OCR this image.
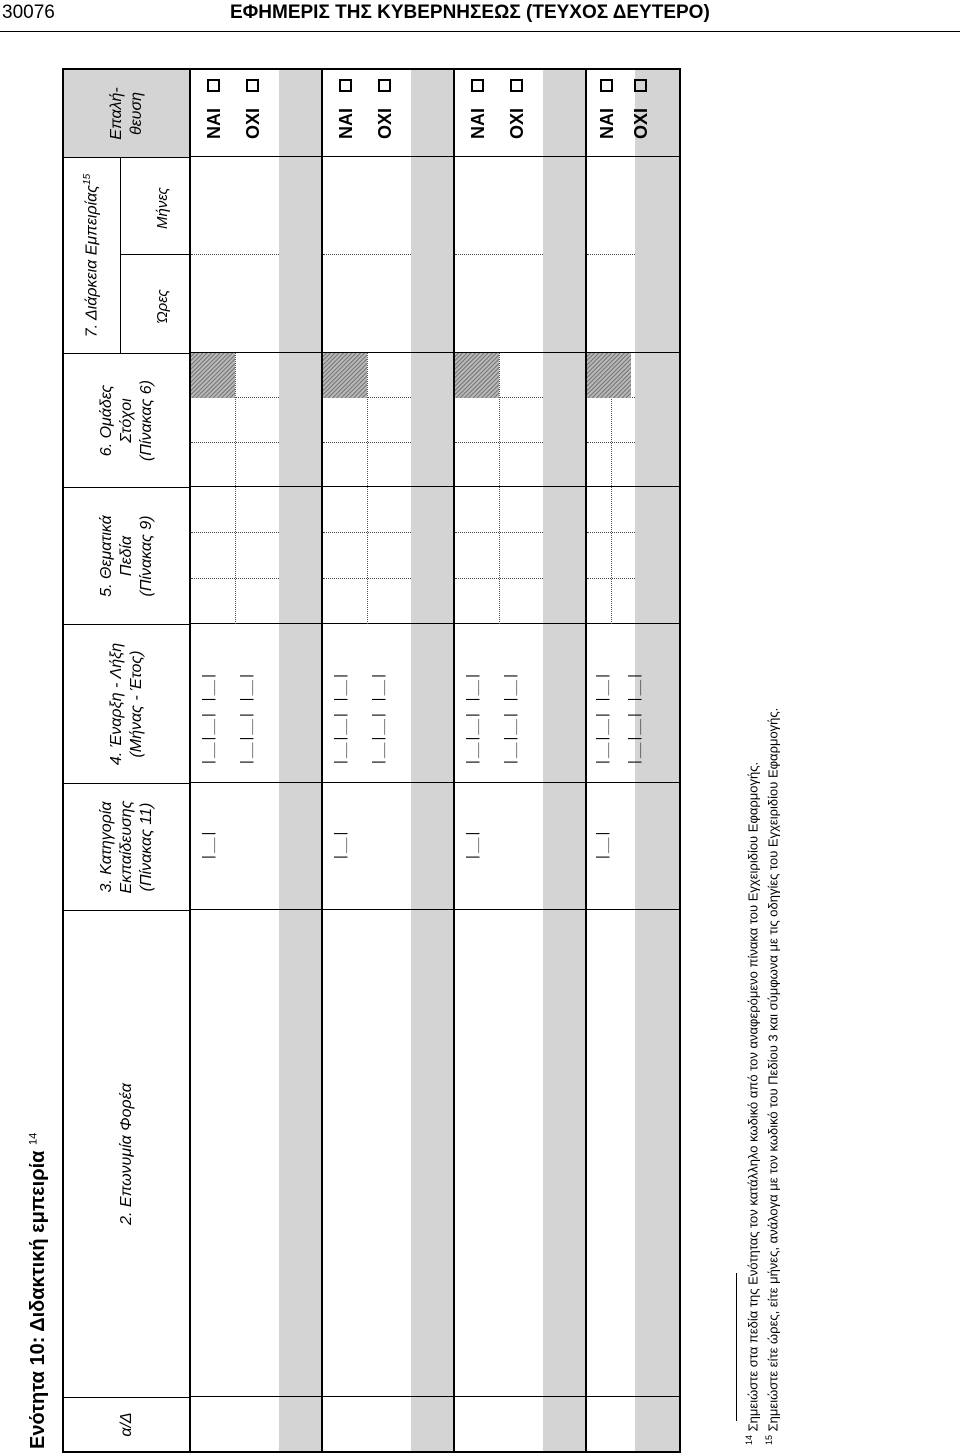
30076	ΕΦΗΜΕΡΙΣ ΤΗΣ ΚΥΒΕΡΝΗΣΕΩΣ (ΤΕΥΧΟΣ ΔΕΥΤΕΡΟ)
Ενότητα 10: Διδακτική εμπειρία $^{14}$
α/Δ
2. Επωνυμία Φορέα
3. Κατηγορία Εκπαίδευσης (Πίνακας 11)
4. Έναρξη - Λήξη (Μήνας - Έτος)
5. Θεματικά Πεδία (Πίνακας 9)
6. Ομάδες Στόχοι (Πίνακας 6)
7. Διάρκεια Εμπειρίας$^{15}$
Ώρες
Μήνες
Επαλή- θευση
|__|
|__|__| |__| |__|__| |__|
ΝΑΙ ΟΧΙ
|__|
|__|__| |__| |__|__| |__|
ΝΑΙ ΟΧΙ
|__|
|__|__| |__| |__|__| |__|
ΝΑΙ ΟΧΙ
|__|
|__|__| |__| |__|__| |__|
ΝΑΙ ΟΧΙ
$^{14}$ Σημειώστε στα πεδία της Ενότητας τον κατάλληλο κωδικό από τον αναφερόμενο πίνακα του Εγχειριδίου Εφαρμογής.
$^{15}$ Σημειώστε είτε ώρες, είτε μήνες, ανάλογα με τον κωδικό του Πεδίου 3 και σύμφωνα με τις οδηγίες του Εγχειριδίου Εφαρμογής.
